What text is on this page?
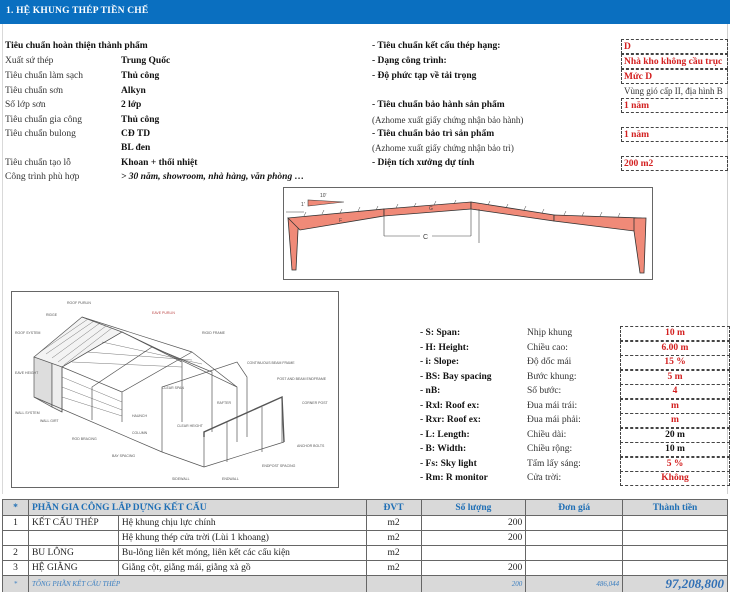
1. HỆ KHUNG THÉP TIỀN CHẾ
Tiêu chuẩn hoàn thiện thành phẩm
Xuất sứ thép	Trung Quốc
Tiêu chuẩn làm sạch	Thủ công
Tiêu chuẩn sơn	Alkyn
Số lớp sơn	2 lớp
Tiêu chuẩn gia công	Thủ công
Tiêu chuẩn bulong	CĐ TD
BL đen
Tiêu chuẩn tạo lỗ	Khoan + thổi nhiệt
Công trình phù hợp	> 30 năm, showroom, nhà hàng, văn phòng …
- Tiêu chuẩn kết cấu thép hạng:	D
- Dạng công trình:	Nhà kho không cầu trục
- Độ phức tạp về tải trọng	Mức D
Vùng gió cấp II, địa hình B
- Tiêu chuẩn bảo hành sản phẩm	1 năm
(Azhome xuất giấy chứng nhận bảo hành)
- Tiêu chuẩn bảo trì sản phẩm	1 năm
(Azhome xuất giấy chứng nhận bảo trì)
- Diện tích xưởng dự tính	200 m2
10'
1'
C
F
G
ROOF PURLIN
RIDGE	EAVE PURLIN
ROOF SYSTEM	RIGID FRAME
EAVE HEIGHT
CLEAR SPAN
CONTINUOUS BEAM FRAME
POST AND BEAM ENDFRAME
CORNER POST
WALL SYSTEM
RAFTER
HAUNCH
WALL GIRT
CLEAR HEIGHT
COLUMN
ROD BRACING
ANCHOR BOLTS
BAY SPACING
ENDPOST SPACING
SIDEWALL	ENDWALL
- S: Span:	Nhịp khung	10 m
- H: Height:	Chiều cao:	6.00 m
- i: Slope:	Độ dốc mái	15 %
- BS: Bay spacing	Bước khung:	5 m
- nB:	Số bước:	4
- Rxl: Roof ex:	Đua mái trái:	m
- Rxr: Roof ex:	Đua mái phải:	m
- L: Length:	Chiều dài:	20 m
- B: Width:	Chiều rộng:	10 m
- Fs: Sky light	Tấm lấy sáng:	5 %
- Rm: R monitor	Cửa trời:	Không
*	PHẦN GIA CÔNG LẮP DỰNG KẾT CẤU		ĐVT	Số lượng	Đơn giá	Thành tiền
1	KẾT CẤU THÉP	Hệ khung chịu lực chính	m2	200		
		Hệ khung thép cửa trời (Lùi 1 khoang)	m2	200		
2	BU LÔNG	Bu-lông liên kết móng, liên kết các cấu kiện	m2			
3	HỆ GIẰNG	Giằng cột, giằng mái, giằng xà gồ	m2	200		
*	TỔNG PHẦN KẾT CẤU THÉP			200	486,044	97,208,800
